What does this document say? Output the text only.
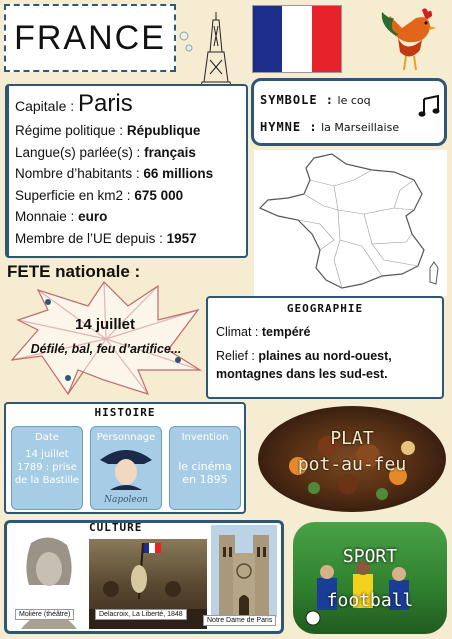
FRANCE
Capitale : Paris
Régime politique : République
Langue(s) parlée(s) : français
Nombre d’habitants : 66 millions
Superficie en km2 : 675 000
Monnaie : euro
Membre de l’UE depuis : 1957
SYMBOLE : le coq
HYMNE : la Marseillaise
FETE nationale :
14 juillet
Défilé, bal, feu d’artifice...
GEOGRAPHIE

Climat : tempéré

Relief : plaines au nord-ouest,
montagnes dans les sud-est.

HISTOIRE
Date
14 juillet
1789 : prise
de la Bastille
Personnage
Napoleon
Invention
le cinéma
en 1895
PLAT
pot-au-feu
CULTURE
Molière (théâtre)	Delacroix, La Liberté, 1848
Notre Dame de Paris
SPORT
football
